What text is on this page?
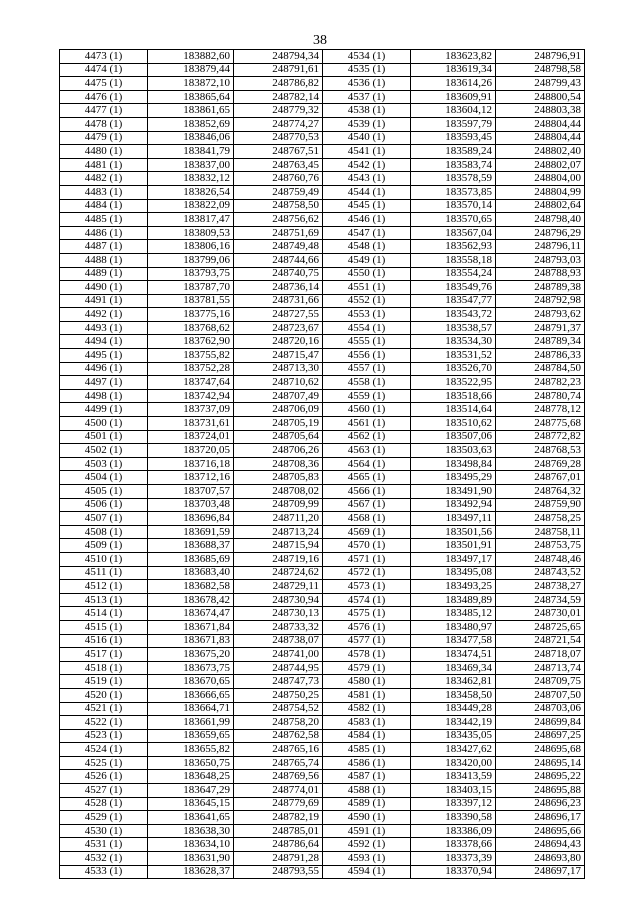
38
4473 (1)	183882,60	248794,34	4534 (1)	183623,82	248796,91
4474 (1)	183879,44	248791,61	4535 (1)	183619,34	248798,58
4475 (1)	183872,10	248786,82	4536 (1)	183614,26	248799,43
4476 (1)	183865,64	248782,14	4537 (1)	183609,91	248800,54
4477 (1)	183861,65	248779,32	4538 (1)	183604,12	248803,38
4478 (1)	183852,69	248774,27	4539 (1)	183597,79	248804,44
4479 (1)	183846,06	248770,53	4540 (1)	183593,45	248804,44
4480 (1)	183841,79	248767,51	4541 (1)	183589,24	248802,40
4481 (1)	183837,00	248763,45	4542 (1)	183583,74	248802,07
4482 (1)	183832,12	248760,76	4543 (1)	183578,59	248804,00
4483 (1)	183826,54	248759,49	4544 (1)	183573,85	248804,99
4484 (1)	183822,09	248758,50	4545 (1)	183570,14	248802,64
4485 (1)	183817,47	248756,62	4546 (1)	183570,65	248798,40
4486 (1)	183809,53	248751,69	4547 (1)	183567,04	248796,29
4487 (1)	183806,16	248749,48	4548 (1)	183562,93	248796,11
4488 (1)	183799,06	248744,66	4549 (1)	183558,18	248793,03
4489 (1)	183793,75	248740,75	4550 (1)	183554,24	248788,93
4490 (1)	183787,70	248736,14	4551 (1)	183549,76	248789,38
4491 (1)	183781,55	248731,66	4552 (1)	183547,77	248792,98
4492 (1)	183775,16	248727,55	4553 (1)	183543,72	248793,62
4493 (1)	183768,62	248723,67	4554 (1)	183538,57	248791,37
4494 (1)	183762,90	248720,16	4555 (1)	183534,30	248789,34
4495 (1)	183755,82	248715,47	4556 (1)	183531,52	248786,33
4496 (1)	183752,28	248713,30	4557 (1)	183526,70	248784,50
4497 (1)	183747,64	248710,62	4558 (1)	183522,95	248782,23
4498 (1)	183742,94	248707,49	4559 (1)	183518,66	248780,74
4499 (1)	183737,09	248706,09	4560 (1)	183514,64	248778,12
4500 (1)	183731,61	248705,19	4561 (1)	183510,62	248775,68
4501 (1)	183724,01	248705,64	4562 (1)	183507,06	248772,82
4502 (1)	183720,05	248706,26	4563 (1)	183503,63	248768,53
4503 (1)	183716,18	248708,36	4564 (1)	183498,84	248769,28
4504 (1)	183712,16	248705,83	4565 (1)	183495,29	248767,01
4505 (1)	183707,57	248708,02	4566 (1)	183491,90	248764,32
4506 (1)	183703,48	248709,99	4567 (1)	183492,94	248759,90
4507 (1)	183696,84	248711,20	4568 (1)	183497,11	248758,25
4508 (1)	183691,59	248713,24	4569 (1)	183501,56	248758,11
4509 (1)	183688,37	248715,94	4570 (1)	183501,91	248753,75
4510 (1)	183685,69	248719,16	4571 (1)	183497,17	248748,46
4511 (1)	183683,40	248724,62	4572 (1)	183495,08	248743,52
4512 (1)	183682,58	248729,11	4573 (1)	183493,25	248738,27
4513 (1)	183678,42	248730,94	4574 (1)	183489,89	248734,59
4514 (1)	183674,47	248730,13	4575 (1)	183485,12	248730,01
4515 (1)	183671,84	248733,32	4576 (1)	183480,97	248725,65
4516 (1)	183671,83	248738,07	4577 (1)	183477,58	248721,54
4517 (1)	183675,20	248741,00	4578 (1)	183474,51	248718,07
4518 (1)	183673,75	248744,95	4579 (1)	183469,34	248713,74
4519 (1)	183670,65	248747,73	4580 (1)	183462,81	248709,75
4520 (1)	183666,65	248750,25	4581 (1)	183458,50	248707,50
4521 (1)	183664,71	248754,52	4582 (1)	183449,28	248703,06
4522 (1)	183661,99	248758,20	4583 (1)	183442,19	248699,84
4523 (1)	183659,65	248762,58	4584 (1)	183435,05	248697,25
4524 (1)	183655,82	248765,16	4585 (1)	183427,62	248695,68
4525 (1)	183650,75	248765,74	4586 (1)	183420,00	248695,14
4526 (1)	183648,25	248769,56	4587 (1)	183413,59	248695,22
4527 (1)	183647,29	248774,01	4588 (1)	183403,15	248695,88
4528 (1)	183645,15	248779,69	4589 (1)	183397,12	248696,23
4529 (1)	183641,65	248782,19	4590 (1)	183390,58	248696,17
4530 (1)	183638,30	248785,01	4591 (1)	183386,09	248695,66
4531 (1)	183634,10	248786,64	4592 (1)	183378,66	248694,43
4532 (1)	183631,90	248791,28	4593 (1)	183373,39	248693,80
4533 (1)	183628,37	248793,55	4594 (1)	183370,94	248697,17
